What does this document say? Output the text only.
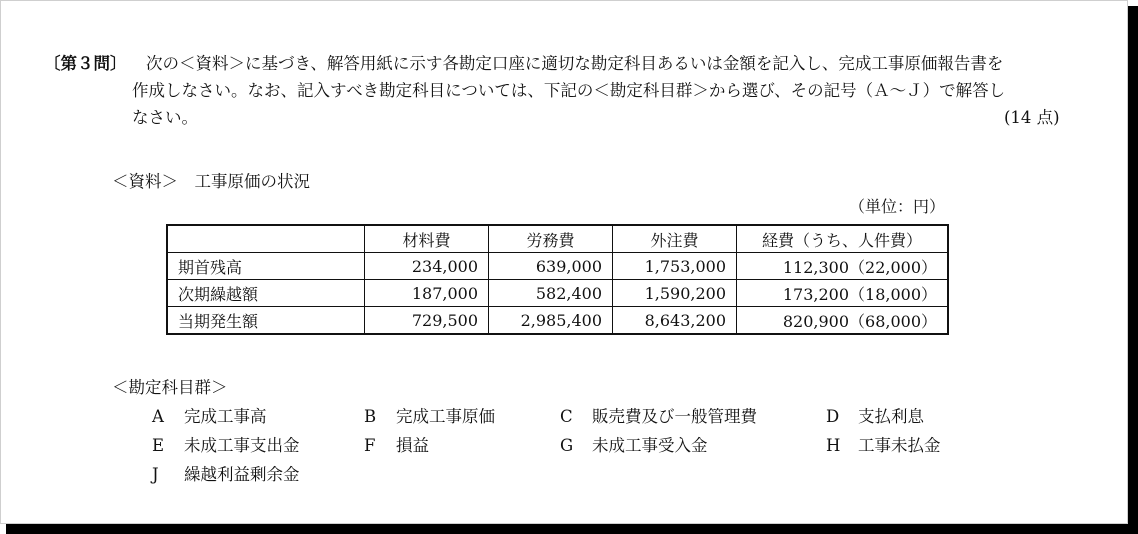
〔第３問〕 次の＜資料＞に基づき、解答用紙に示す各勘定口座に適切な勘定科目あるいは金額を記入し、完成工事原価報告書を
作成しなさい。なお、記入すべき勘定科目については、下記の＜勘定科目群＞から選び、その記号（Ａ～Ｊ）で解答し
なさい。	(14 点)
＜資料＞　工事原価の状況
（単位：円）
	材料費	労務費	外注費	経費（うち、人件費）
期首残高	234,000	639,000	1,753,000	112,300（22,000）
次期繰越額	187,000	582,400	1,590,200	173,200（18,000）
当期発生額	729,500	2,985,400	8,643,200	820,900（68,000）
＜勘定科目群＞
A 完成工事高	B 完成工事原価	C 販売費及び一般管理費	D 支払利息
E 未成工事支出金	F 損益	G 未成工事受入金	H 工事未払金
J 繰越利益剰余金
